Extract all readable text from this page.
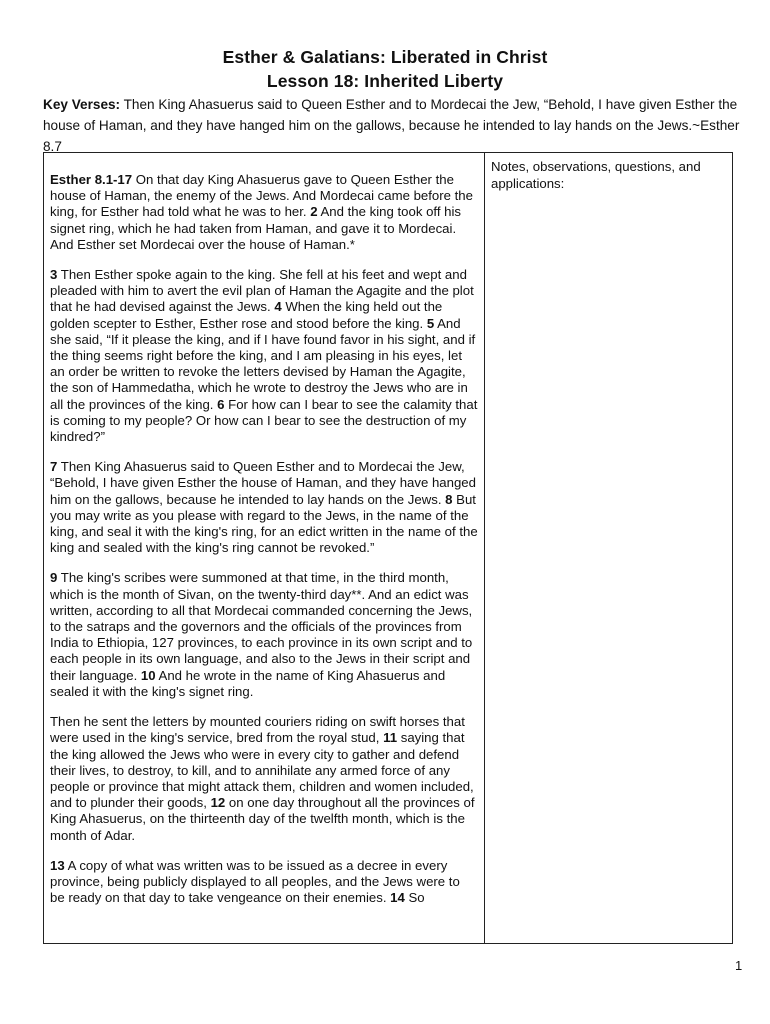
Esther & Galatians: Liberated in Christ
Lesson 18: Inherited Liberty
Key Verses: Then King Ahasuerus said to Queen Esther and to Mordecai the Jew, “Behold, I have given Esther the house of Haman, and they have hanged him on the gallows, because he intended to lay hands on the Jews.~Esther 8.7

Esther 8.1-17 On that day King Ahasuerus gave to Queen Esther the house of Haman, the enemy of the Jews. And Mordecai came before the king, for Esther had told what he was to her. 2 And the king took off his signet ring, which he had taken from Haman, and gave it to Mordecai. And Esther set Mordecai over the house of Haman.*

3 Then Esther spoke again to the king. She fell at his feet and wept and pleaded with him to avert the evil plan of Haman the Agagite and the plot that he had devised against the Jews. 4 When the king held out the golden scepter to Esther, Esther rose and stood before the king. 5 And she said, “If it please the king, and if I have found favor in his sight, and if the thing seems right before the king, and I am pleasing in his eyes, let an order be written to revoke the letters devised by Haman the Agagite, the son of Hammedatha, which he wrote to destroy the Jews who are in all the provinces of the king. 6 For how can I bear to see the calamity that is coming to my people? Or how can I bear to see the destruction of my kindred?”

7 Then King Ahasuerus said to Queen Esther and to Mordecai the Jew, “Behold, I have given Esther the house of Haman, and they have hanged him on the gallows, because he intended to lay hands on the Jews. 8 But you may write as you please with regard to the Jews, in the name of the king, and seal it with the king's ring, for an edict written in the name of the king and sealed with the king's ring cannot be revoked.”

9 The king's scribes were summoned at that time, in the third month, which is the month of Sivan, on the twenty-third day**. And an edict was written, according to all that Mordecai commanded concerning the Jews, to the satraps and the governors and the officials of the provinces from India to Ethiopia, 127 provinces, to each province in its own script and to each people in its own language, and also to the Jews in their script and their language. 10 And he wrote in the name of King Ahasuerus and sealed it with the king's signet ring.

Then he sent the letters by mounted couriers riding on swift horses that were used in the king's service, bred from the royal stud, 11 saying that the king allowed the Jews who were in every city to gather and defend their lives, to destroy, to kill, and to annihilate any armed force of any people or province that might attack them, children and women included, and to plunder their goods, 12 on one day throughout all the provinces of King Ahasuerus, on the thirteenth day of the twelfth month, which is the month of Adar.

13 A copy of what was written was to be issued as a decree in every province, being publicly displayed to all peoples, and the Jews were to be ready on that day to take vengeance on their enemies. 14 So

Notes, observations, questions, and applications:
1
